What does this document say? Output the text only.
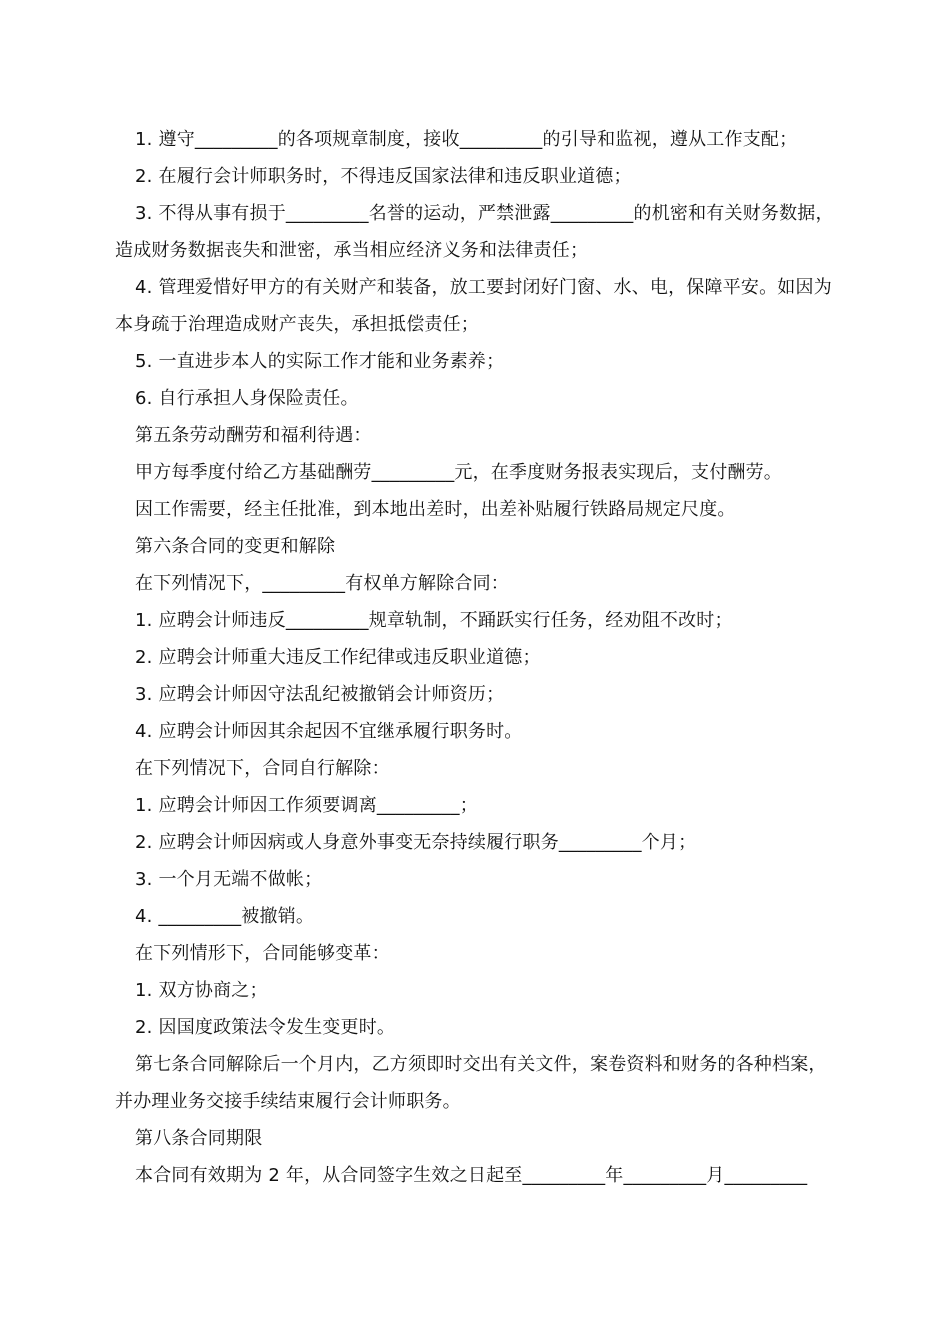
1. 遵守_________的各项规章制度，接收_________的引导和监视，遵从工作支配；

2. 在履行会计师职务时，不得违反国家法律和违反职业道德；

3. 不得从事有损于_________名誉的运动，严禁泄露_________的机密和有关财务数据，造成财务数据丧失和泄密，承当相应经济义务和法律责任；

4. 管理爱惜好甲方的有关财产和装备，放工要封闭好门窗、水、电，保障平安。如因为本身疏于治理造成财产丧失，承担抵偿责任；

5. 一直进步本人的实际工作才能和业务素养；

6. 自行承担人身保险责任。

第五条劳动酬劳和福利待遇：

甲方每季度付给乙方基础酬劳_________元，在季度财务报表实现后，支付酬劳。

因工作需要，经主任批准，到本地出差时，出差补贴履行铁路局规定尺度。

第六条合同的变更和解除

在下列情况下，_________有权单方解除合同：

1. 应聘会计师违反_________规章轨制，不踊跃实行任务，经劝阻不改时；

2. 应聘会计师重大违反工作纪律或违反职业道德；

3. 应聘会计师因守法乱纪被撤销会计师资历；

4. 应聘会计师因其余起因不宜继承履行职务时。

在下列情况下，合同自行解除：

1. 应聘会计师因工作须要调离_________；

2. 应聘会计师因病或人身意外事变无奈持续履行职务_________个月；

3. 一个月无端不做帐；

4. _________被撤销。

在下列情形下，合同能够变革：

1. 双方协商之；

2. 因国度政策法令发生变更时。

第七条合同解除后一个月内，乙方须即时交出有关文件，案卷资料和财务的各种档案，并办理业务交接手续结束履行会计师职务。

第八条合同期限

本合同有效期为 2 年，从合同签字生效之日起至_________年_________月_________
